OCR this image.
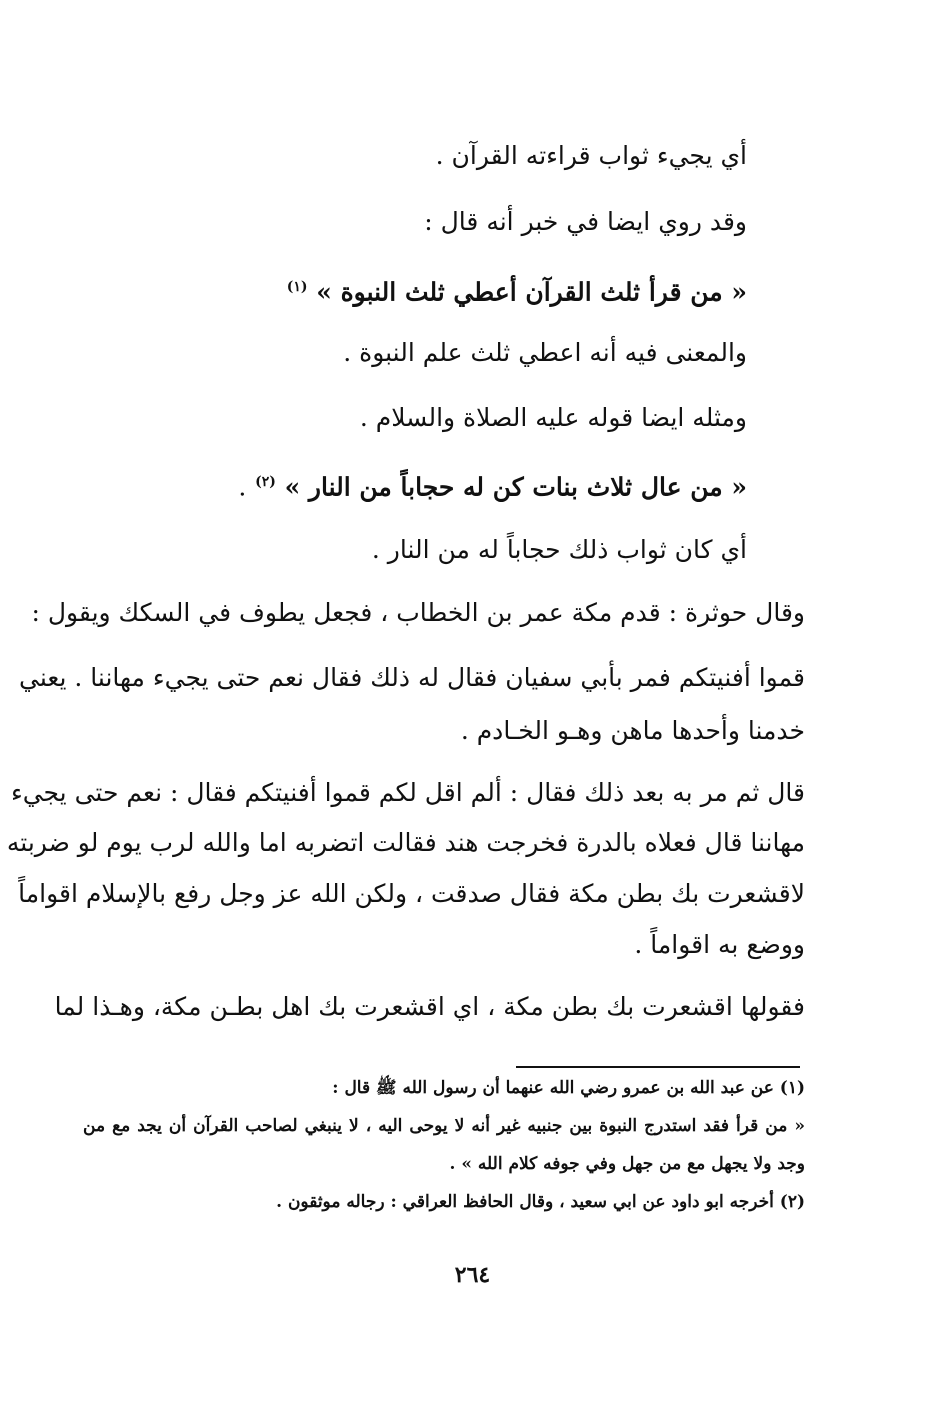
أي يجيء ثواب قراءته القرآن .
وقد روي ايضا في خبر أنه قال :
« من قرأ ثلث القرآن أعطي ثلث النبوة » $^{(١)}$
والمعنى فيه أنه اعطي ثلث علم النبوة .
ومثله ايضا قوله عليه الصلاة والسلام .
« من عال ثلاث بنات كن له حجاباً من النار » $^{(٢)}$ .
أي كان ثواب ذلك حجاباً له من النار .
وقال حوثرة : قدم مكة عمر بن الخطاب ، فجعل يطوف في السكك ويقول :
قموا أفنيتكم فمر بأبي سفيان فقال له ذلك فقال نعم حتى يجيء مهاننا . يعني
خدمنا وأحدها ماهن وهـو الخـادم .
قال ثم مر به بعد ذلك فقال : ألم اقل لكم قموا أفنيتكم فقال : نعم حتى يجيء
مهاننا قال فعلاه بالدرة فخرجت هند فقالت اتضربه اما والله لرب يوم لو ضربته
لاقشعرت بك بطن مكة فقال صدقت ، ولكن الله عز وجل رفع بالإسلام اقواماً
ووضع به اقواماً .
فقولها اقشعرت بك بطن مكة ، اي اقشعرت بك اهل بطـن مكة، وهـذا لما
(١) عن عبد الله بن عمرو رضي الله عنهما أن رسول الله ﷺ قال :
« من قرأ فقد استدرج النبوة بين جنبيه غير أنه لا يوحى اليه ، لا ينبغي لصاحب القرآن أن يجد مع من
وجد ولا يجهل مع من جهل وفي جوفه كلام الله » .
(٢) أخرجه ابو داود عن ابي سعيد ، وقال الحافظ العراقي : رجاله موثقون .
٢٦٤
